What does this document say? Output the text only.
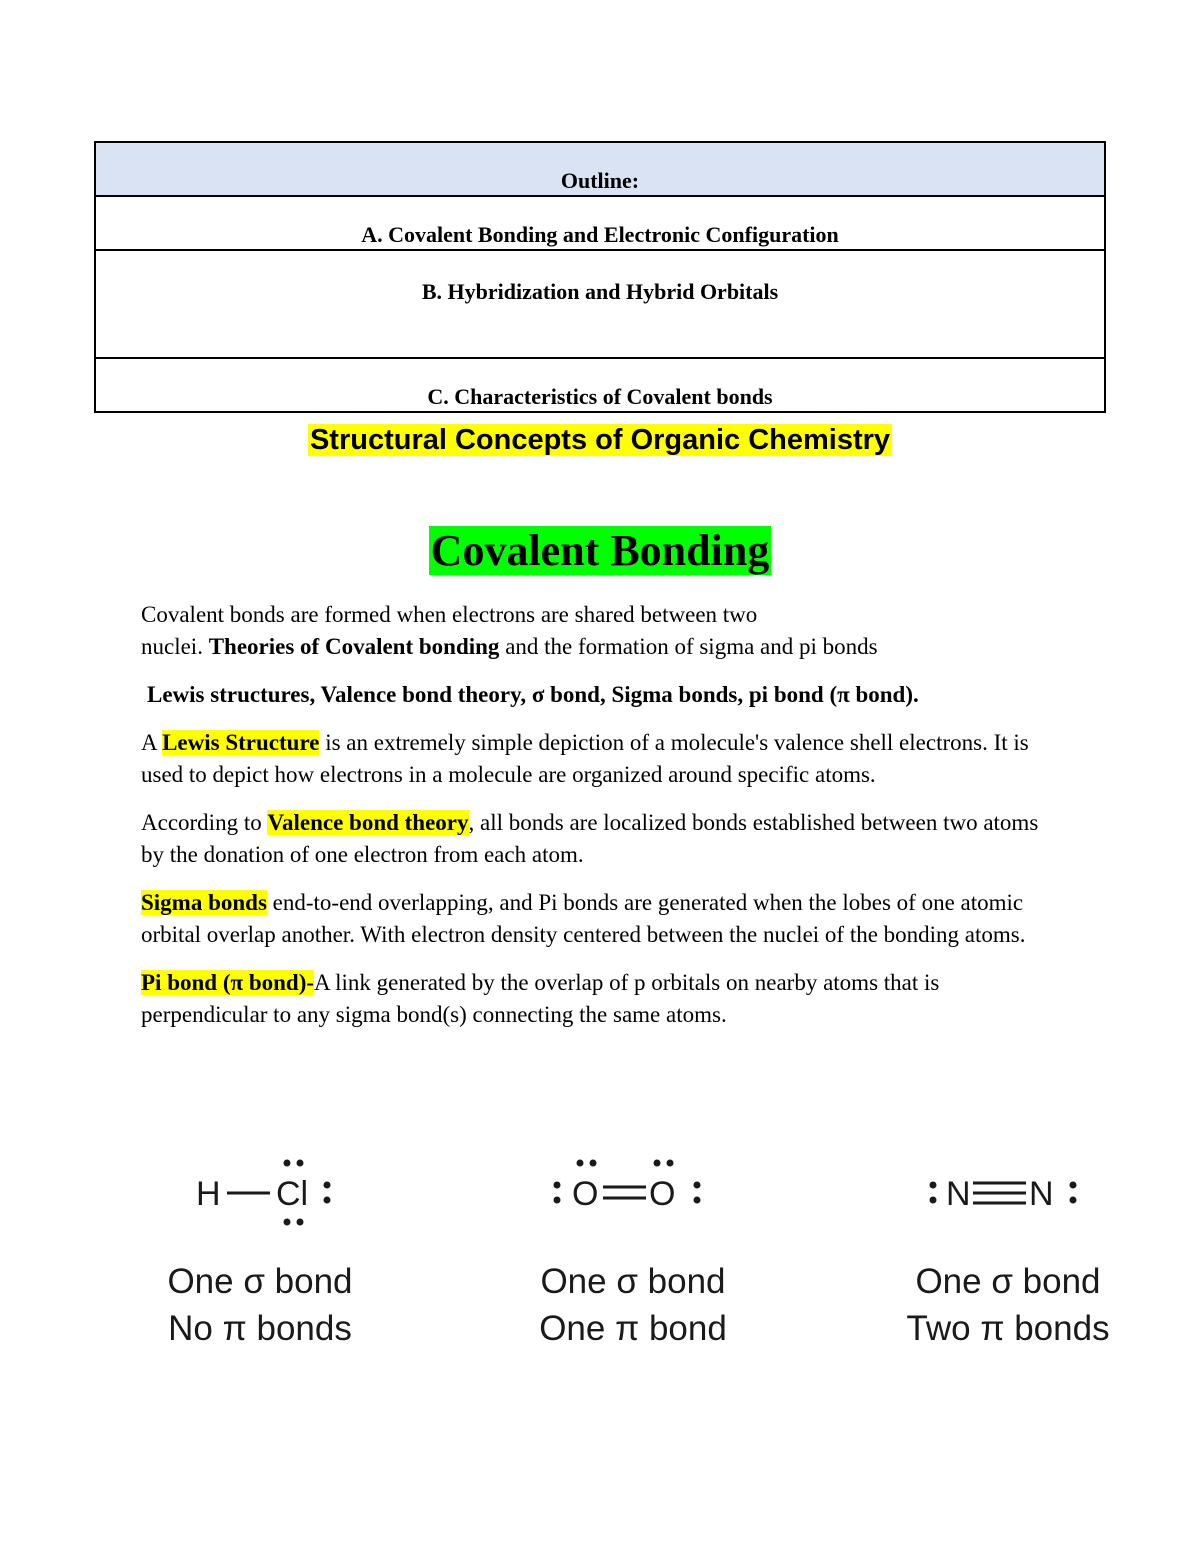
Outline:
A. Covalent Bonding and Electronic Configuration
B. Hybridization and Hybrid Orbitals
C. Characteristics of Covalent bonds
Structural Concepts of Organic Chemistry
Covalent Bonding

Covalent bonds are formed when electrons are shared between two
nuclei. Theories of Covalent bonding and the formation of sigma and pi bonds

Lewis structures, Valence bond theory, σ bond, Sigma bonds, pi bond (π bond).

A Lewis Structure is an extremely simple depiction of a molecule's valence shell electrons. It is used to depict how electrons in a molecule are organized around specific atoms.

According to Valence bond theory, all bonds are localized bonds established between two atoms by the donation of one electron from each atom.

Sigma bonds end-to-end overlapping, and Pi bonds are generated when the lobes of one atomic orbital overlap another. With electron density centered between the nuclei of the bonding atoms.

Pi bond (π bond)-A link generated by the overlap of p orbitals on nearby atoms that is perpendicular to any sigma bond(s) connecting the same atoms.

H Cl
One σ bond
No π bonds
O O
One σ bond
One π bond
N N
One σ bond
Two π bonds
